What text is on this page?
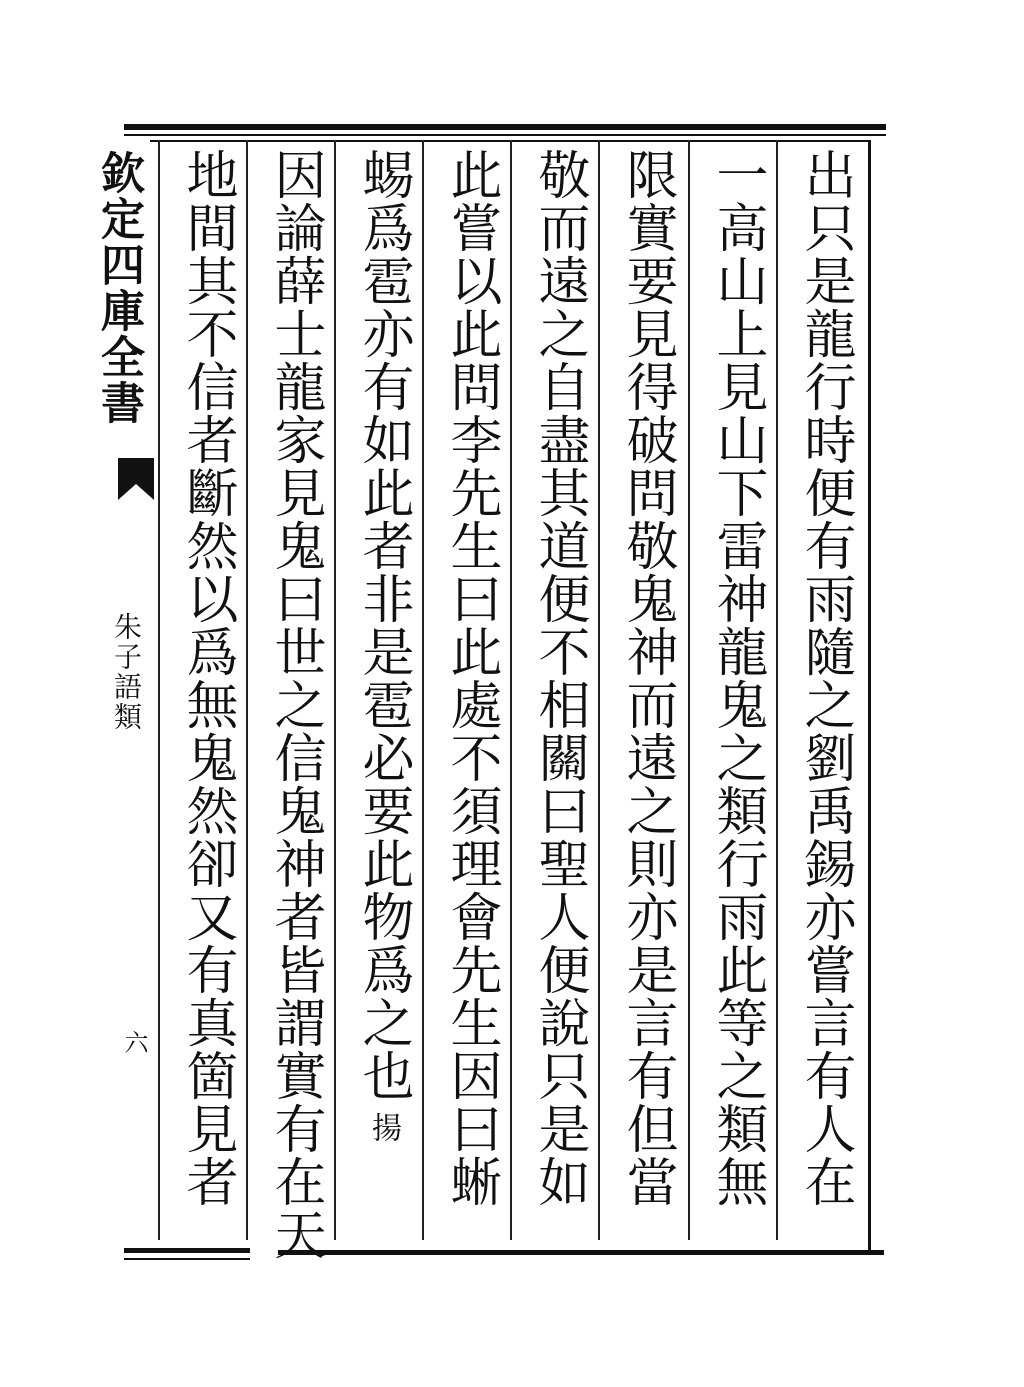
出只是龍行時便有雨隨之劉禹錫亦嘗言有人在
一高山上見山下雷神龍鬼之類行雨此等之類無
限實要見得破問敬鬼神而遠之則亦是言有但當
敬而遠之自盡其道便不相關曰聖人便說只是如
此嘗以此問李先生曰此處不須理會先生因曰蜥
蜴爲雹亦有如此者非是雹必要此物爲之也揚
因論薛士龍家見鬼曰世之信鬼神者皆謂實有在天
地間其不信者斷然以爲無鬼然卻又有真箇見者
欽定四庫全書
朱子語類
六
